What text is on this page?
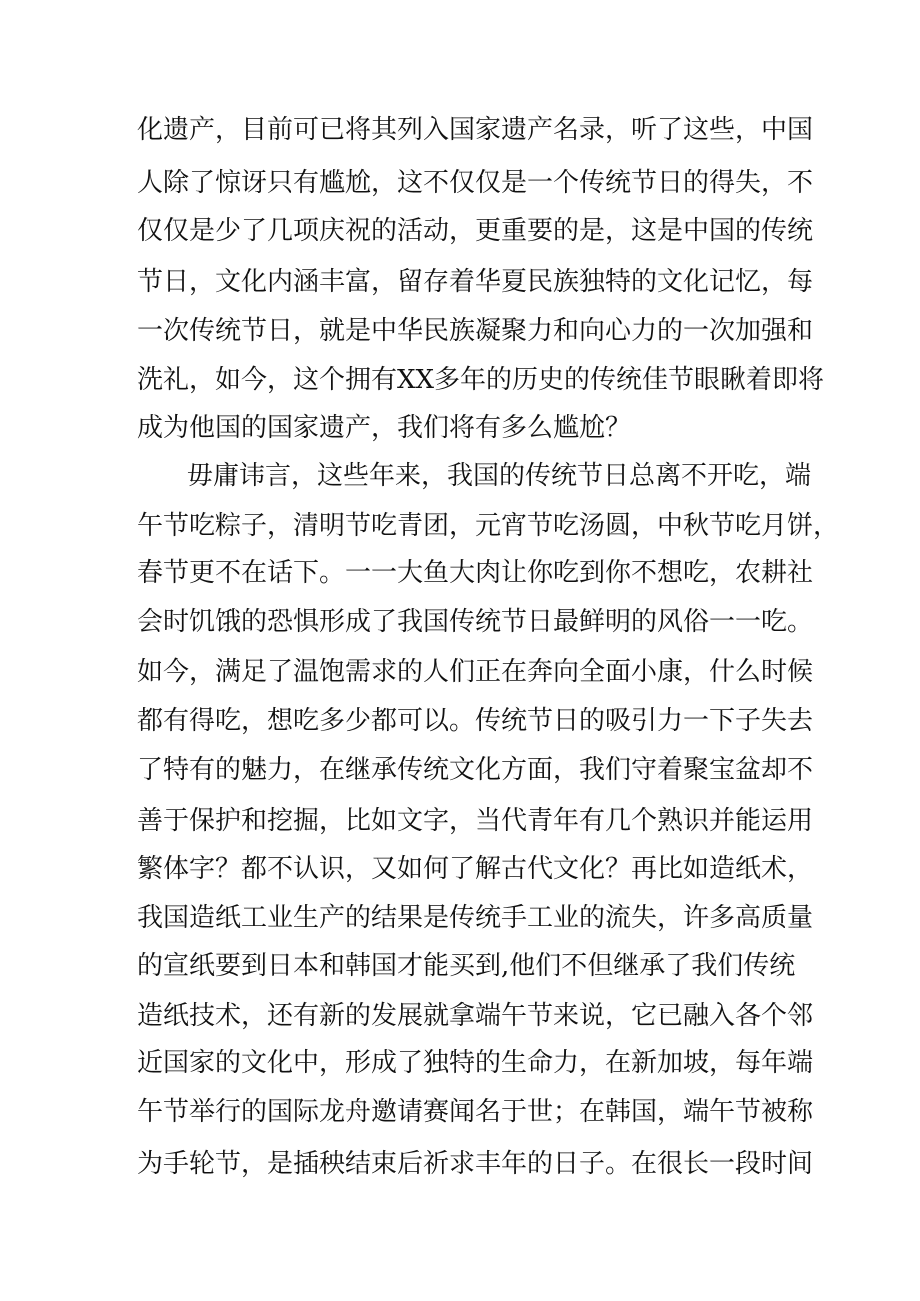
化遗产，目前可已将其列入国家遗产名录，听了这些，中国
人除了惊讶只有尴尬，这不仅仅是一个传统节日的得失，不
仅仅是少了几项庆祝的活动，更重要的是，这是中国的传统
节日，文化内涵丰富，留存着华夏民族独特的文化记忆，每
一次传统节日，就是中华民族凝聚力和向心力的一次加强和
洗礼，如今，这个拥有XX多年的历史的传统佳节眼瞅着即将
成为他国的国家遗产，我们将有多么尴尬？
毋庸讳言，这些年来，我国的传统节日总离不开吃，端
午节吃粽子，清明节吃青团，元宵节吃汤圆，中秋节吃月饼，
春节更不在话下。一一大鱼大肉让你吃到你不想吃，农耕社
会时饥饿的恐惧形成了我国传统节日最鲜明的风俗一一吃。
如今，满足了温饱需求的人们正在奔向全面小康，什么时候
都有得吃，想吃多少都可以。传统节日的吸引力一下子失去
了特有的魅力，在继承传统文化方面，我们守着聚宝盆却不
善于保护和挖掘，比如文字，当代青年有几个熟识并能运用
繁体字？都不认识，又如何了解古代文化？再比如造纸术，
我国造纸工业生产的结果是传统手工业的流失，许多高质量
的宣纸要到日本和韩国才能买到,他们不但继承了我们传统
造纸技术，还有新的发展就拿端午节来说，它已融入各个邻
近国家的文化中，形成了独特的生命力，在新加坡，每年端
午节举行的国际龙舟邀请赛闻名于世；在韩国，端午节被称
为手轮节，是插秧结束后祈求丰年的日子。在很长一段时间
